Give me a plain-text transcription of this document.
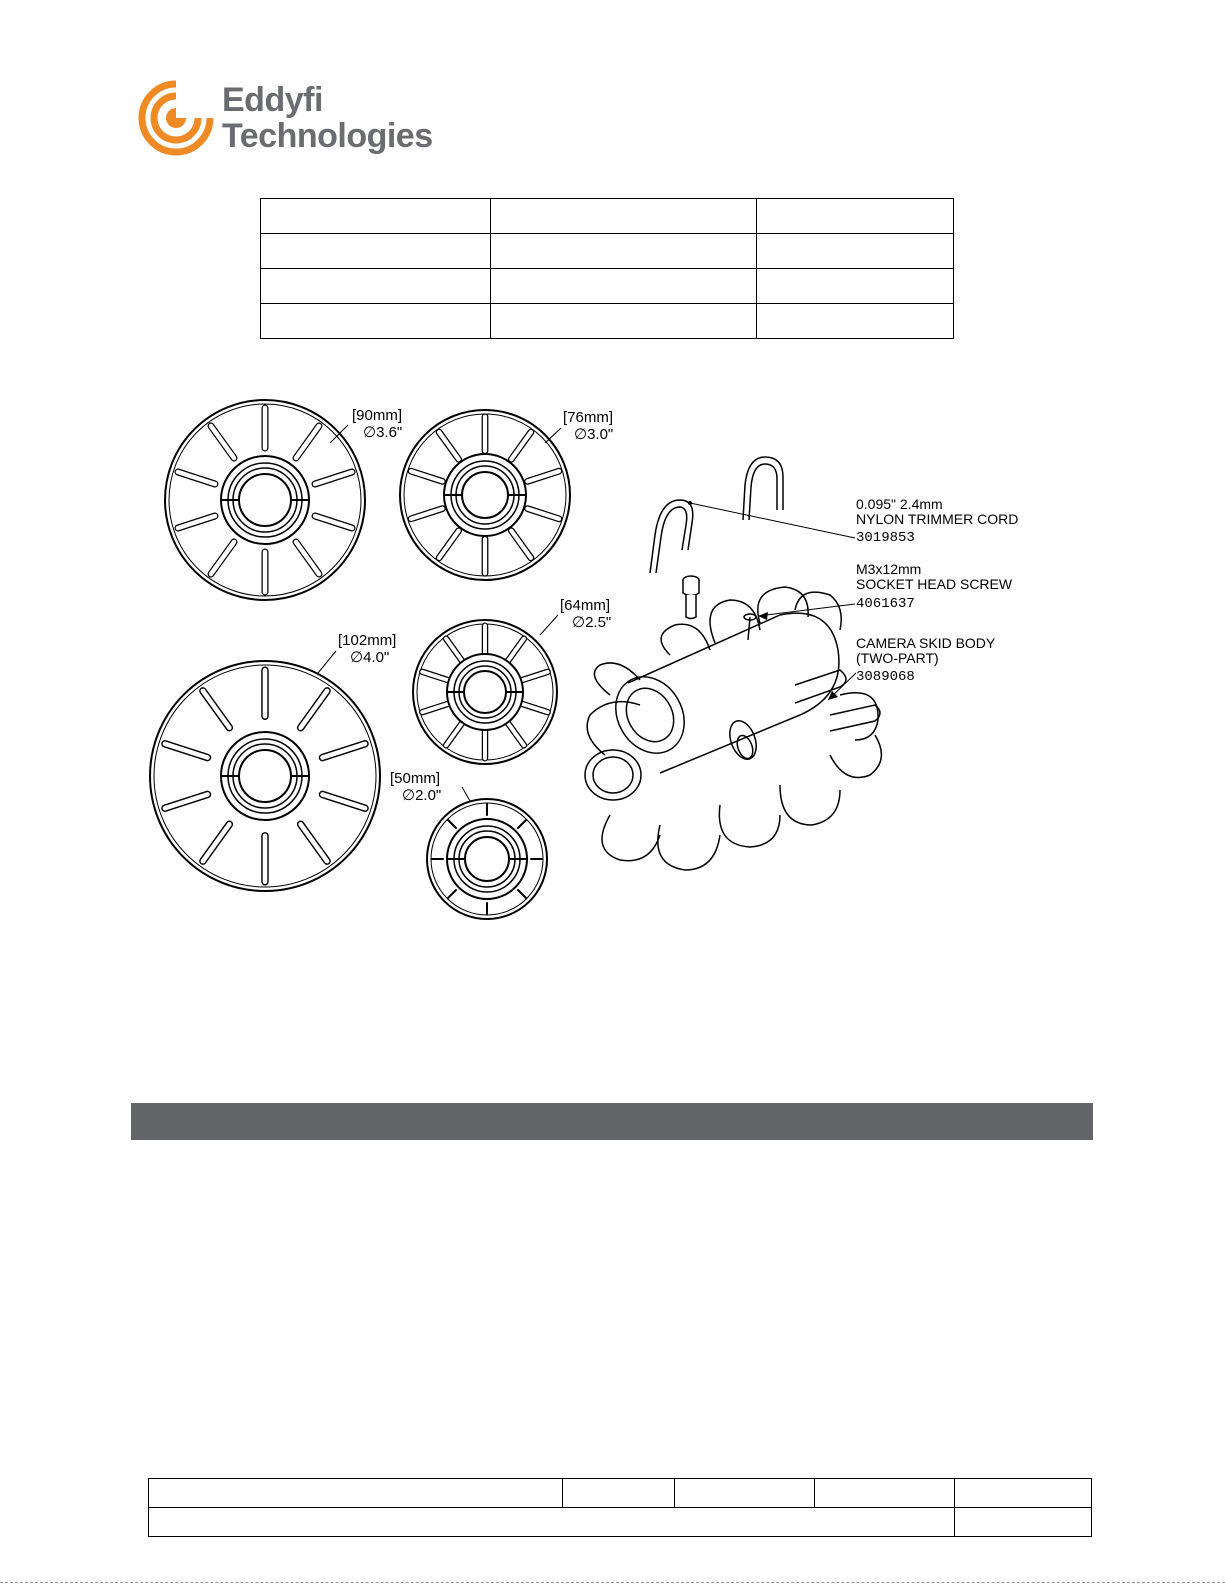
Eddyfi
Technologies

[90mm]
∅3.6"
[76mm]
∅3.0"
[64mm]
∅2.5"
[102mm]
∅4.0"
[50mm]
∅2.0"
0.095" 2.4mm
NYLON TRIMMER CORD
3019853
M3x12mm
SOCKET HEAD SCREW
4061637
CAMERA SKID BODY
(TWO-PART)
3089068
